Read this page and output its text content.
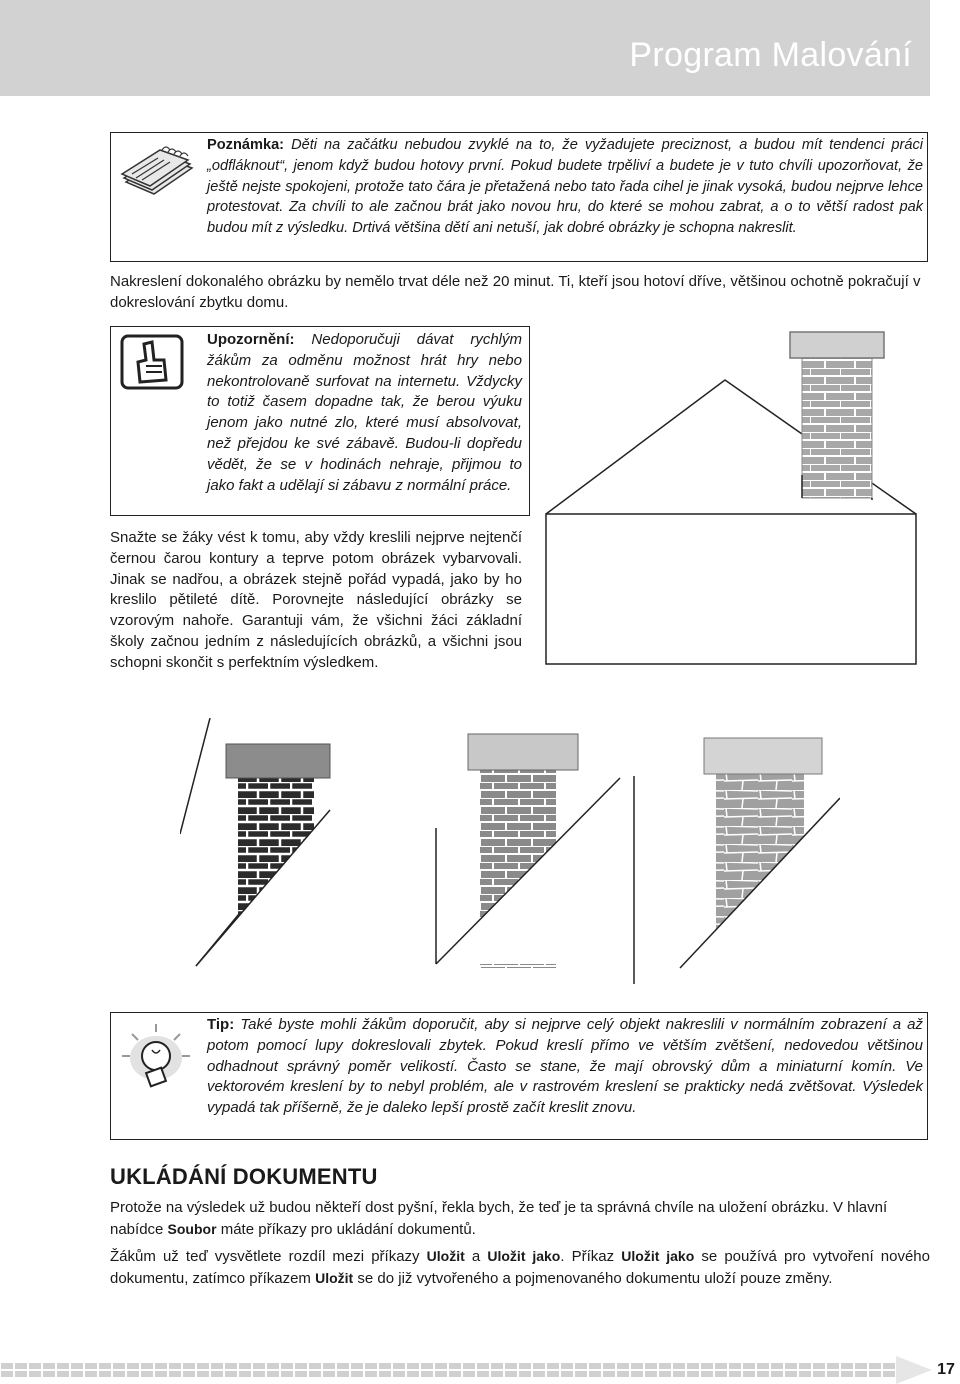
Program Malování
Poznámka: Děti na začátku nebudou zvyklé na to, že vyžadujete preciznost, a budou mít tendenci práci „odfláknout“, jenom když budou hotovy první. Pokud budete trpěliví a budete je v tuto chvíli upozorňovat, že ještě nejste spokojeni, protože tato čára je přetažená nebo tato řada cihel je jinak vysoká, budou nejprve lehce protestovat. Za chvíli to ale začnou brát jako novou hru, do které se mohou zabrat, a o to větší radost pak budou mít z výsledku. Drtivá většina dětí ani netuší, jak dobré obrázky je schopna nakreslit.

Nakreslení dokonalého obrázku by nemělo trvat déle než 20 minut. Ti, kteří jsou hotoví dříve, většinou ochotně pokračují v dokreslování zbytku domu.

Upozornění: Nedoporučuji dávat rychlým žákům za odměnu možnost hrát hry nebo nekontrolovaně surfovat na internetu. Vždycky to totiž časem dopadne tak, že berou výuku jenom jako nutné zlo, které musí absolvovat, než přejdou ke své zábavě. Budou-li dopředu vědět, že se v hodinách nehraje, přijmou to jako fakt a udělají si zábavu z normální práce.

Snažte se žáky vést k tomu, aby vždy kreslili nejprve nejtenčí černou čarou kontury a teprve potom obrázek vybarvovali. Jinak se nadřou, a obrázek stejně pořád vypadá, jako by ho kreslilo pětileté dítě. Porovnejte následující obrázky se vzorovým nahoře. Garantuji vám, že všichni žáci základní školy začnou jedním z následujících obrázků, a všichni jsou schopni skončit s perfektním výsledkem.

Tip: Také byste mohli žákům doporučit, aby si nejprve celý objekt nakreslili v normálním zobrazení a až potom pomocí lupy dokreslovali zbytek. Pokud kreslí přímo ve větším zvětšení, nedovedou většinou odhadnout správný poměr velikostí. Často se stane, že mají obrovský dům a miniaturní komín. Ve vektorovém kreslení by to nebyl problém, ale v rastrovém kreslení se prakticky nedá zvětšovat. Výsledek vypadá tak příšerně, že je daleko lepší prostě začít kreslit znovu.
UKLÁDÁNÍ DOKUMENTU

Protože na výsledek už budou někteří dost pyšní, řekla bych, že teď je ta správná chvíle na uložení obrázku. V hlavní nabídce Soubor máte příkazy pro ukládání dokumentů.

Žákům už teď vysvětlete rozdíl mezi příkazy Uložit a Uložit jako. Příkaz Uložit jako se používá pro vytvoření nového dokumentu, zatímco příkazem Uložit se do již vytvořeného a pojmenovaného dokumentu uloží pouze změny.

17
